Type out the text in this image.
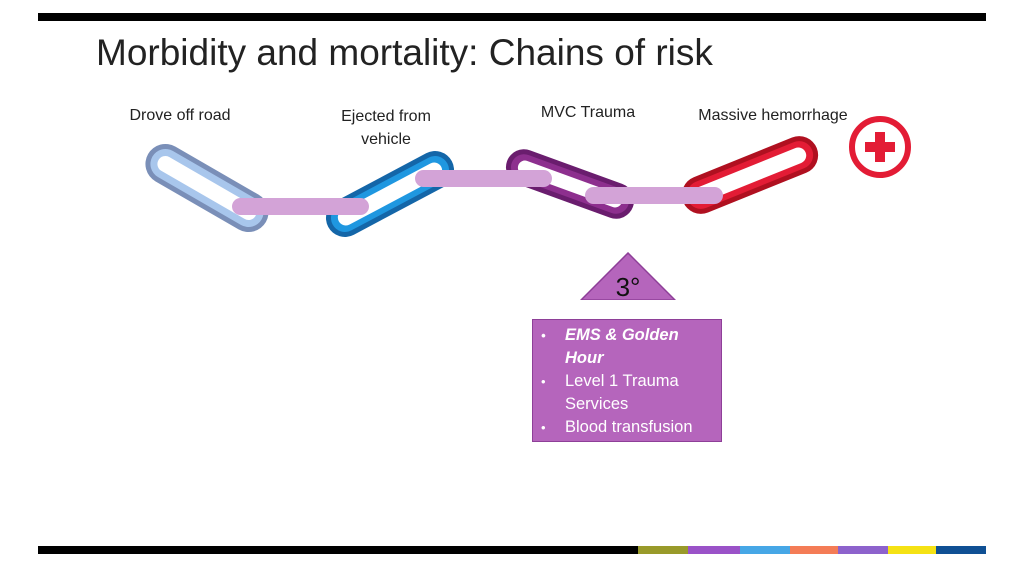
Morbidity and mortality: Chains of risk
Drove off road	Ejected from vehicle
MVC Trauma	Massive hemorrhage
3°
• EMS & Golden Hour
• Level 1 Trauma Services
• Blood transfusion
